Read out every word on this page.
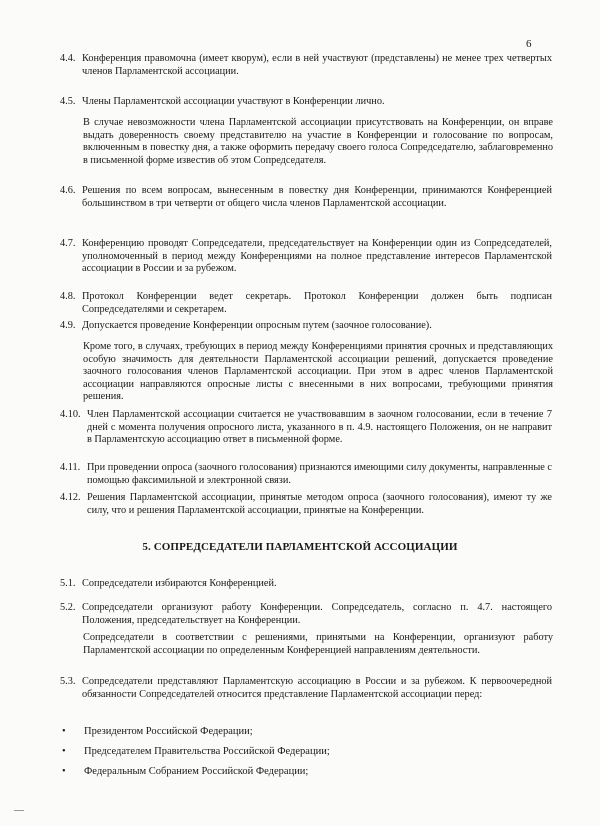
6
4.4. Конференция правомочна (имеет кворум), если в ней участвуют (представлены) не менее трех четвертых членов Парламентской ассоциации.
4.5. Члены Парламентской ассоциации участвуют в Конференции лично.
В случае невозможности члена Парламентской ассоциации присутствовать на Конференции, он вправе выдать доверенность своему представителю на участие в Конференции и голосование по вопросам, включенным в повестку дня, а также оформить передачу своего голоса Сопредседателю, заблаговременно в письменной форме известив об этом Сопредседателя.
4.6. Решения по всем вопросам, вынесенным в повестку дня Конференции, принимаются Конференцией большинством в три четверти от общего числа членов Парламентской ассоциации.
4.7. Конференцию проводят Сопредседатели, председательствует на Конференции один из Сопредседателей, уполномоченный в период между Конференциями на полное представление интересов Парламентской ассоциации в России и за рубежом.
4.8. Протокол Конференции ведет секретарь. Протокол Конференции должен быть подписан Сопредседателями и секретарем.
4.9. Допускается проведение Конференции опросным путем (заочное голосование).
Кроме того, в случаях, требующих в период между Конференциями принятия срочных и представляющих особую значимость для деятельности Парламентской ассоциации решений, допускается проведение заочного голосования членов Парламентской ассоциации. При этом в адрес членов Парламентской ассоциации направляются опросные листы с внесенными в них вопросами, требующими принятия решения.
4.10. Член Парламентской ассоциации считается не участвовавшим в заочном голосовании, если в течение 7 дней с момента получения опросного листа, указанного в п. 4.9. настоящего Положения, он не направит в Парламентскую ассоциацию ответ в письменной форме.
4.11. При проведении опроса (заочного голосования) признаются имеющими силу документы, направленные с помощью факсимильной и электронной связи.
4.12. Решения Парламентской ассоциации, принятые методом опроса (заочного голосования), имеют ту же силу, что и решения Парламентской ассоциации, принятые на Конференции.
5. СОПРЕДСЕДАТЕЛИ ПАРЛАМЕНТСКОЙ АССОЦИАЦИИ
5.1. Сопредседатели избираются Конференцией.
5.2. Сопредседатели организуют работу Конференции. Сопредседатель, согласно п. 4.7. настоящего Положения, председательствует на Конференции.
Сопредседатели в соответствии с решениями, принятыми на Конференции, организуют работу Парламентской ассоциации по определенным Конференцией направлениям деятельности.
5.3. Сопредседатели представляют Парламентскую ассоциацию в России и за рубежом. К первоочередной обязанности Сопредседателей относится представление Парламентской ассоциации перед:
• Президентом Российской Федерации;
• Председателем Правительства Российской Федерации;
• Федеральным Собранием Российской Федерации;
